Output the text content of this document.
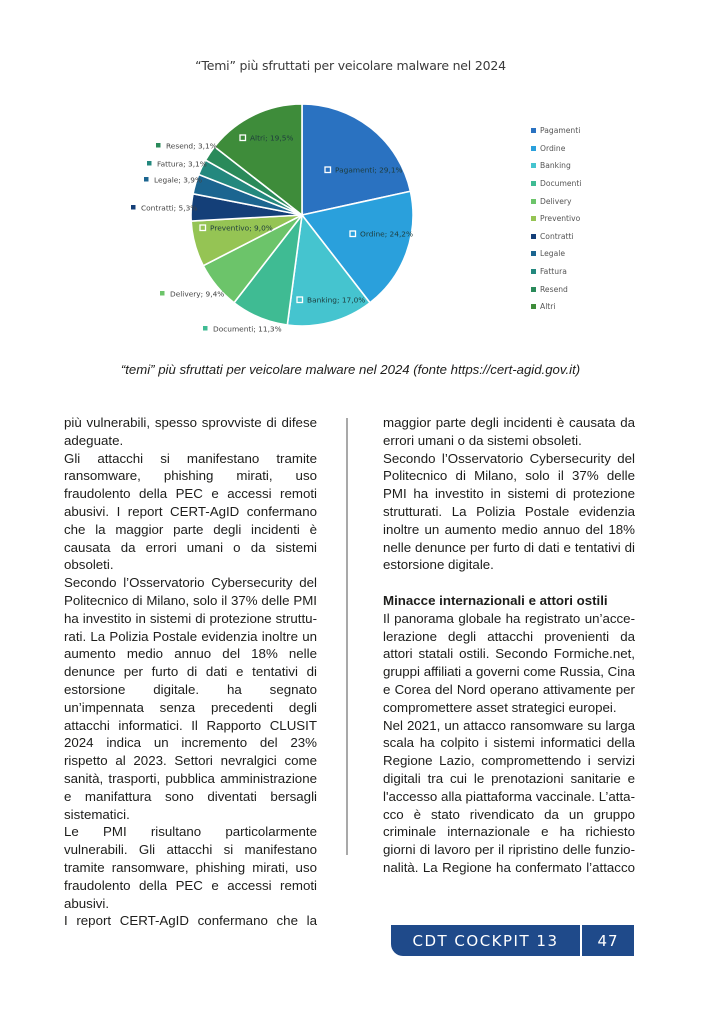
“Temi” più sfruttati per veicolare malware nel 2024
Pagamenti; 29,1%
Ordine; 24,2%
Banking; 17,0%
Documenti; 11,3%
Delivery; 9,4%
Preventivo; 9,0%
Contratti; 5,3%
Legale; 3,9%
Fattura; 3,1%
Resend; 3,1%
Altri; 19,5%
Pagamenti
Ordine
Banking
Documenti
Delivery
Preventivo
Contratti
Legale
Fattura
Resend
Altri
“temi” più sfruttati per veicolare malware nel 2024 (fonte https://cert-agid.gov.it)

più vulnerabili, spesso sprovviste di difese adeguate.

Gli attacchi si manifestano tramite ransomware, phishing mirati, uso fraudolento della PEC e accessi remoti abusivi. I report CERT-AgID confermano che la maggior parte degli incidenti è causata da errori umani o da sistemi obsoleti.

Secondo l’Osservatorio Cybersecurity del Politecnico di Milano, solo il 37% delle PMI ha investito in sistemi di protezione strutturati. La Polizia Postale evidenzia inoltre un aumento medio annuo del 18% nelle denunce per furto di dati e tentativi di estorsione digitale. ha segnato un’impennata senza precedenti degli attacchi informatici. Il Rapporto CLUSIT 2024 indica un incremento del 23% rispetto al 2023. Settori nevralgici come sanità, trasporti, pubblica amministrazione e manifattura sono diventati bersagli sistematici.

Le PMI risultano particolarmente vulnerabili. Gli attacchi si manifestano tramite ransomware, phishing mirati, uso fraudolento della PEC e accessi remoti abusivi.

I report CERT-AgID confermano che la

maggior parte degli incidenti è causata da errori umani o da sistemi obsoleti.

Secondo l’Osservatorio Cybersecurity del Politecnico di Milano, solo il 37% delle PMI ha investito in sistemi di protezione strutturati. La Polizia Postale evidenzia inoltre un aumento medio annuo del 18% nelle denunce per furto di dati e tentativi di estorsione digitale.

Minacce internazionali e attori ostili

Il panorama globale ha registrato un’accelerazione degli attacchi provenienti da attori statali ostili. Secondo Formiche.net, gruppi affiliati a governi come Russia, Cina e Corea del Nord operano attivamente per compromettere asset strategici europei.

Nel 2021, un attacco ransomware su larga scala ha colpito i sistemi informatici della Regione Lazio, compromettendo i servizi digitali tra cui le prenotazioni sanitarie e l'accesso alla piattaforma vaccinale. L’attacco è stato rivendicato da un gruppo criminale internazionale e ha richiesto giorni di lavoro per il ripristino delle funzionalità. La Regione ha confermato l’attacco

CDT COCKPIT 13	47
